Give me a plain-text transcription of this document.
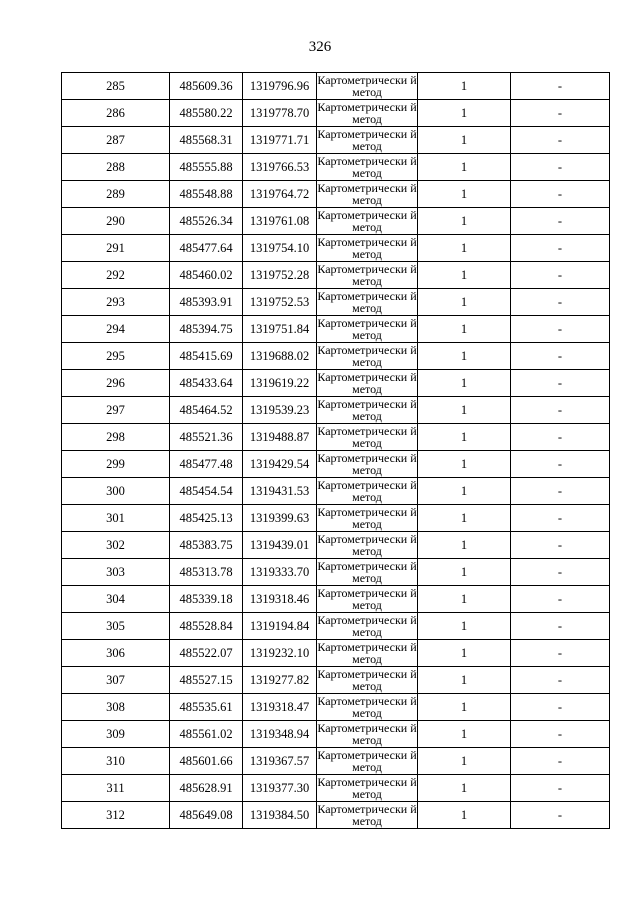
326
285	485609.36	1319796.96	Картометрически й метод	1	-
286	485580.22	1319778.70	Картометрически й метод	1	-
287	485568.31	1319771.71	Картометрически й метод	1	-
288	485555.88	1319766.53	Картометрически й метод	1	-
289	485548.88	1319764.72	Картометрически й метод	1	-
290	485526.34	1319761.08	Картометрически й метод	1	-
291	485477.64	1319754.10	Картометрически й метод	1	-
292	485460.02	1319752.28	Картометрически й метод	1	-
293	485393.91	1319752.53	Картометрически й метод	1	-
294	485394.75	1319751.84	Картометрически й метод	1	-
295	485415.69	1319688.02	Картометрически й метод	1	-
296	485433.64	1319619.22	Картометрически й метод	1	-
297	485464.52	1319539.23	Картометрически й метод	1	-
298	485521.36	1319488.87	Картометрически й метод	1	-
299	485477.48	1319429.54	Картометрически й метод	1	-
300	485454.54	1319431.53	Картометрически й метод	1	-
301	485425.13	1319399.63	Картометрически й метод	1	-
302	485383.75	1319439.01	Картометрически й метод	1	-
303	485313.78	1319333.70	Картометрически й метод	1	-
304	485339.18	1319318.46	Картометрически й метод	1	-
305	485528.84	1319194.84	Картометрически й метод	1	-
306	485522.07	1319232.10	Картометрически й метод	1	-
307	485527.15	1319277.82	Картометрически й метод	1	-
308	485535.61	1319318.47	Картометрически й метод	1	-
309	485561.02	1319348.94	Картометрически й метод	1	-
310	485601.66	1319367.57	Картометрически й метод	1	-
311	485628.91	1319377.30	Картометрически й метод	1	-
312	485649.08	1319384.50	Картометрически й метод	1	-
